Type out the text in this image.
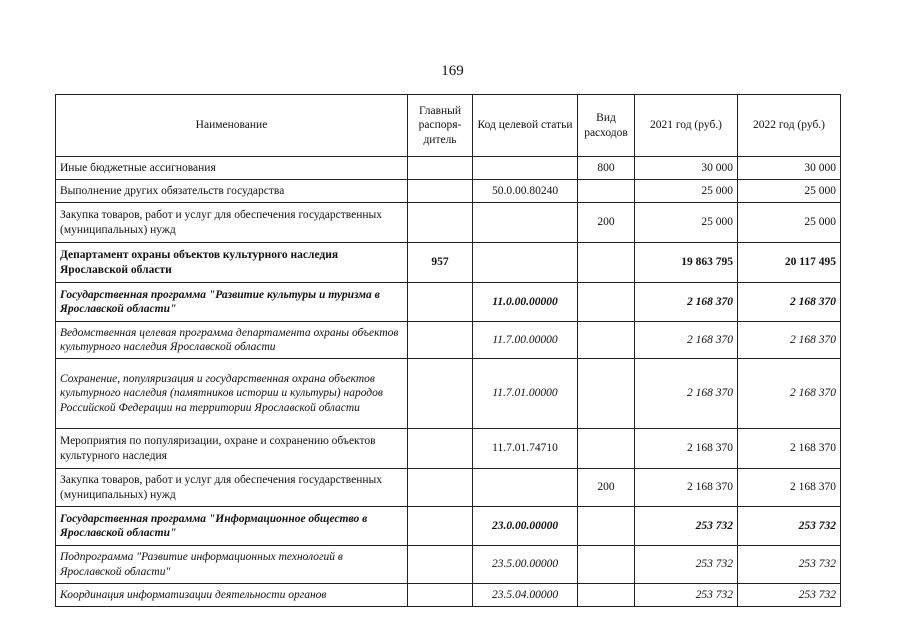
169
Наименование	Главный распоря-дитель	Код целевой статьи	Вид расходов	2021 год (руб.)	2022 год (руб.)
Иные бюджетные ассигнования			800	30 000	30 000
Выполнение других обязательств государства		50.0.00.80240		25 000	25 000
Закупка товаров, работ и услуг для обеспечения государственных (муниципальных) нужд			200	25 000	25 000
Департамент охраны объектов культурного наследия Ярославской области	957			19 863 795	20 117 495
Государственная программа "Развитие культуры и туризма в Ярославской области"		11.0.00.00000		2 168 370	2 168 370
Ведомственная целевая программа департамента охраны объектов культурного наследия Ярославской области		11.7.00.00000		2 168 370	2 168 370
Сохранение, популяризация и государственная охрана объектов культурного наследия (памятников истории и культуры) народов Российской Федерации на территории Ярославской области		11.7.01.00000		2 168 370	2 168 370
Мероприятия по популяризации, охране и сохранению объектов культурного наследия		11.7.01.74710		2 168 370	2 168 370
Закупка товаров, работ и услуг для обеспечения государственных (муниципальных) нужд			200	2 168 370	2 168 370
Государственная программа "Информационное общество в Ярославской области"		23.0.00.00000		253 732	253 732
Подпрограмма "Развитие информационных технологий в Ярославской области"		23.5.00.00000		253 732	253 732
Координация информатизации деятельности органов		23.5.04.00000		253 732	253 732
